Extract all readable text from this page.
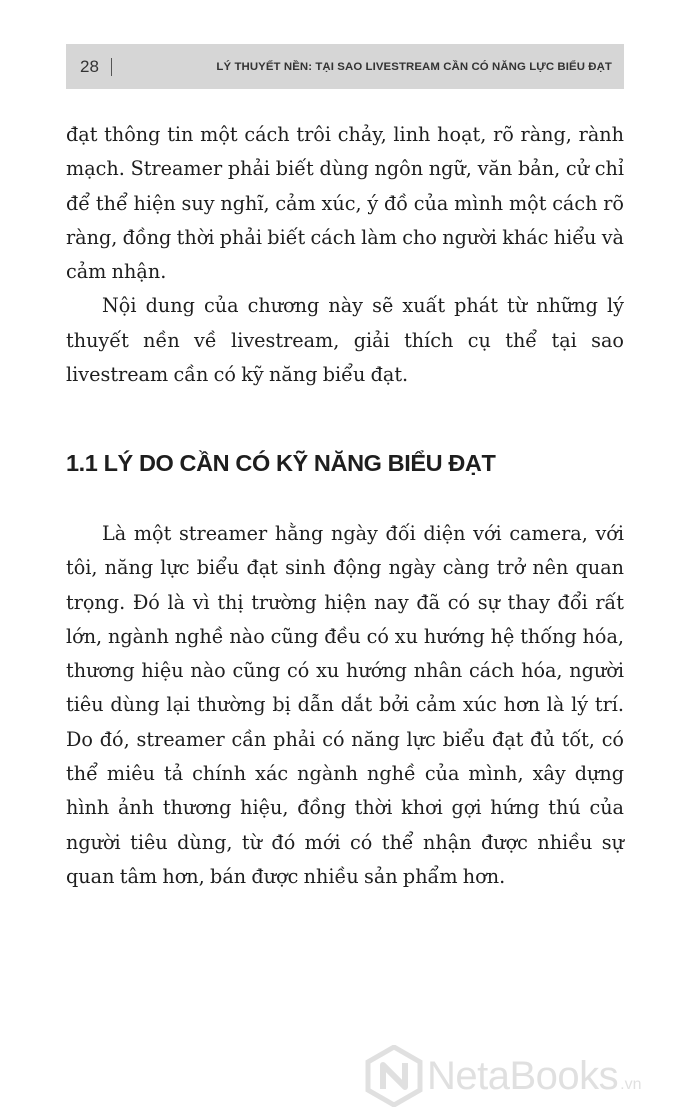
28	LÝ THUYẾT NỀN: TẠI SAO LIVESTREAM CẦN CÓ NĂNG LỰC BIỂU ĐẠT

đạt thông tin một cách trôi chảy, linh hoạt, rõ ràng, rành mạch. Streamer phải biết dùng ngôn ngữ, văn bản, cử chỉ để thể hiện suy nghĩ, cảm xúc, ý đồ của mình một cách rõ ràng, đồng thời phải biết cách làm cho người khác hiểu và cảm nhận.

Nội dung của chương này sẽ xuất phát từ những lý thuyết nền về livestream, giải thích cụ thể tại sao livestream cần có kỹ năng biểu đạt.

1.1 LÝ DO CẦN CÓ KỸ NĂNG BIỂU ĐẠT

Là một streamer hằng ngày đối diện với camera, với tôi, năng lực biểu đạt sinh động ngày càng trở nên quan trọng. Đó là vì thị trường hiện nay đã có sự thay đổi rất lớn, ngành nghề nào cũng đều có xu hướng hệ thống hóa, thương hiệu nào cũng có xu hướng nhân cách hóa, người tiêu dùng lại thường bị dẫn dắt bởi cảm xúc hơn là lý trí. Do đó, streamer cần phải có năng lực biểu đạt đủ tốt, có thể miêu tả chính xác ngành nghề của mình, xây dựng hình ảnh thương hiệu, đồng thời khơi gợi hứng thú của người tiêu dùng, từ đó mới có thể nhận được nhiều sự quan tâm hơn, bán được nhiều sản phẩm hơn.

NetaBooks .vn
